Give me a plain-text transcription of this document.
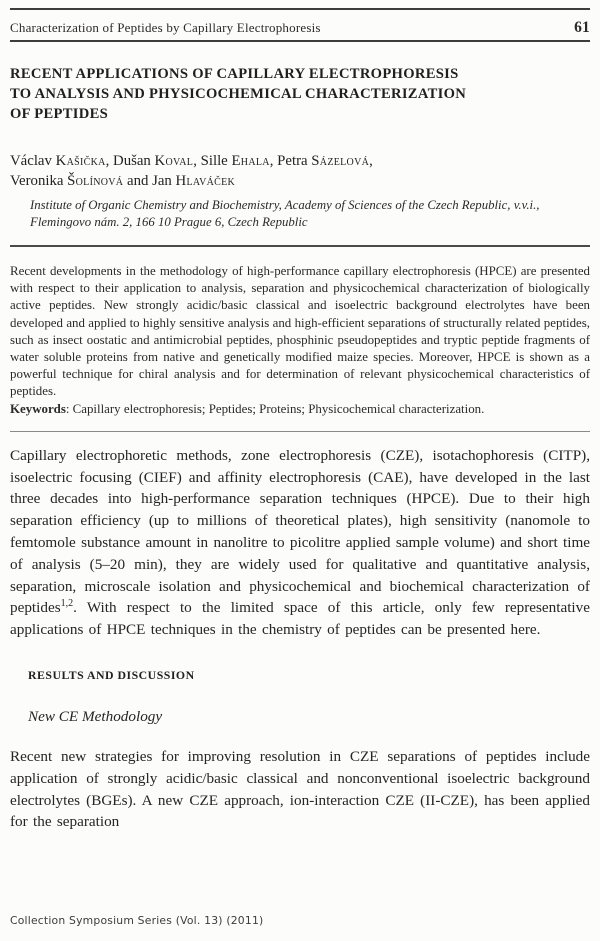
Characterization of Peptides by Capillary Electrophoresis	61
RECENT APPLICATIONS OF CAPILLARY ELECTROPHORESIS
TO ANALYSIS AND PHYSICOCHEMICAL CHARACTERIZATION
OF PEPTIDES
Václav Kašička, Dušan Koval, Sille Ehala, Petra Sázelová,
Veronika Šolínová and Jan Hlaváček

Institute of Organic Chemistry and Biochemistry, Academy of Sciences of the Czech Republic, v.v.i., Flemingovo nám. 2, 166 10 Prague 6, Czech Republic

Recent developments in the methodology of high-performance capillary electrophoresis (HPCE) are presented with respect to their application to analysis, separation and physicochemical characterization of biologically active peptides. New strongly acidic/basic classical and isoelectric background electrolytes have been developed and applied to highly sensitive analysis and high-efficient separations of structurally related peptides, such as insect oostatic and antimicrobial peptides, phosphinic pseudopeptides and tryptic peptide fragments of water soluble proteins from native and genetically modified maize species. Moreover, HPCE is shown as a powerful technique for chiral analysis and for determination of relevant physicochemical characteristics of peptides.

Keywords: Capillary electrophoresis; Peptides; Proteins; Physicochemical characterization.

Capillary electrophoretic methods, zone electrophoresis (CZE), isotachophoresis (CITP), isoelectric focusing (CIEF) and affinity electrophoresis (CAE), have developed in the last three decades into high-performance separation techniques (HPCE). Due to their high separation efficiency (up to millions of theoretical plates), high sensitivity (nanomole to femtomole substance amount in nanolitre to picolitre applied sample volume) and short time of analysis (5–20 min), they are widely used for qualitative and quantitative analysis, separation, microscale isolation and physicochemical and biochemical characterization of peptides$^{1,2}$. With respect to the limited space of this article, only few representative applications of HPCE techniques in the chemistry of peptides can be presented here.

RESULTS AND DISCUSSION
New CE Methodology

Recent new strategies for improving resolution in CZE separations of peptides include application of strongly acidic/basic classical and nonconventional isoelectric background electrolytes (BGEs). A new CZE approach, ion-interaction CZE (II-CZE), has been applied for the separation

Collection Symposium Series (Vol. 13) (2011)
